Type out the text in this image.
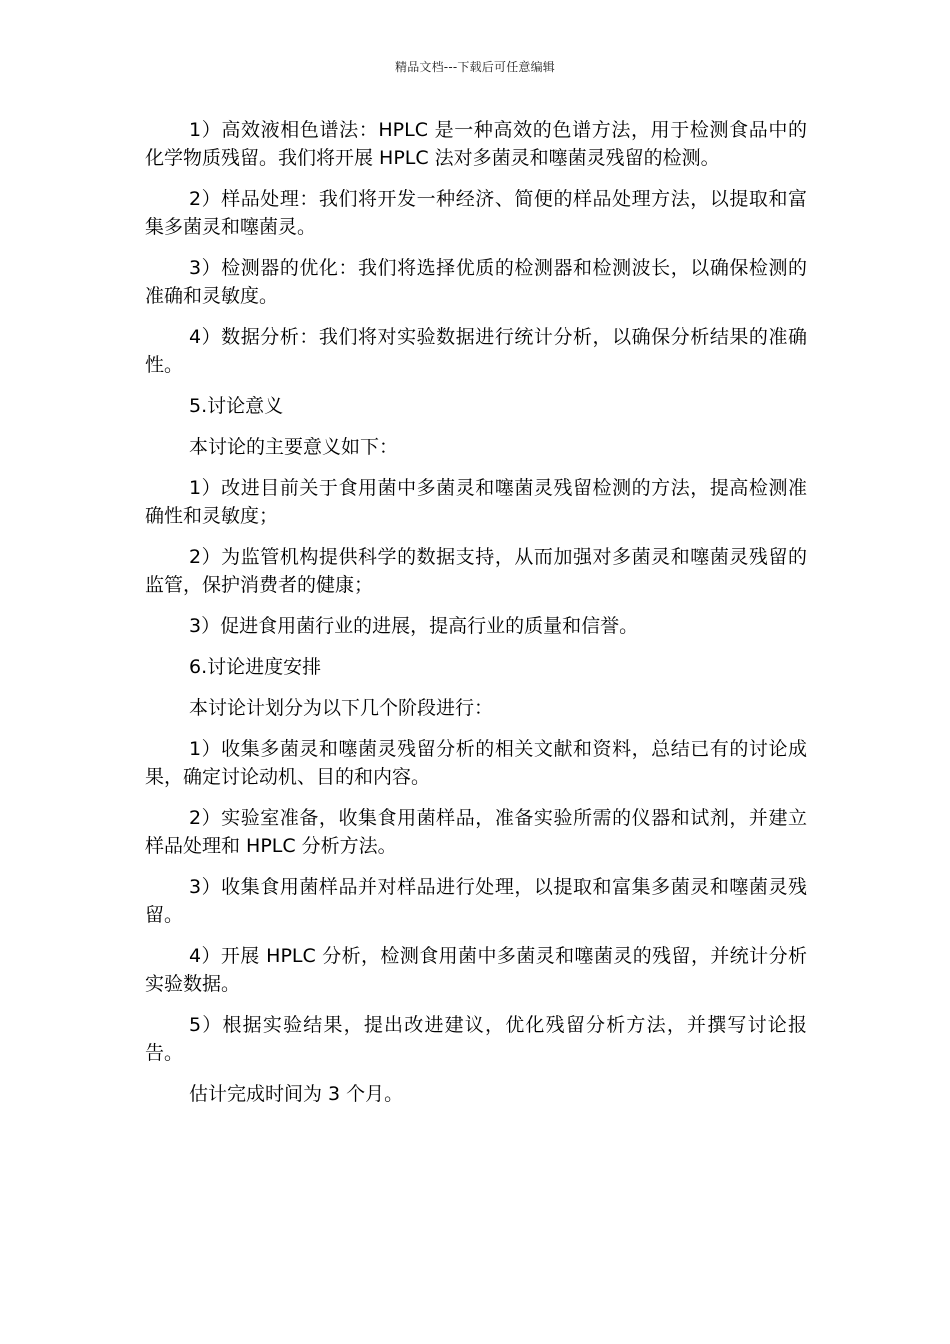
精品文档---下载后可任意编辑

1）高效液相色谱法：HPLC 是一种高效的色谱方法，用于检测食品中的化学物质残留。我们将开展 HPLC 法对多菌灵和噻菌灵残留的检测。

2）样品处理：我们将开发一种经济、简便的样品处理方法，以提取和富集多菌灵和噻菌灵。

3）检测器的优化：我们将选择优质的检测器和检测波长，以确保检测的准确和灵敏度。

4）数据分析：我们将对实验数据进行统计分析，以确保分析结果的准确性。

5.讨论意义

本讨论的主要意义如下：

1）改进目前关于食用菌中多菌灵和噻菌灵残留检测的方法，提高检测准确性和灵敏度；

2）为监管机构提供科学的数据支持，从而加强对多菌灵和噻菌灵残留的监管，保护消费者的健康；

3）促进食用菌行业的进展，提高行业的质量和信誉。

6.讨论进度安排

本讨论计划分为以下几个阶段进行：

1）收集多菌灵和噻菌灵残留分析的相关文献和资料，总结已有的讨论成果，确定讨论动机、目的和内容。

2）实验室准备，收集食用菌样品，准备实验所需的仪器和试剂，并建立样品处理和 HPLC 分析方法。

3）收集食用菌样品并对样品进行处理，以提取和富集多菌灵和噻菌灵残留。

4）开展 HPLC 分析，检测食用菌中多菌灵和噻菌灵的残留，并统计分析实验数据。

5）根据实验结果，提出改进建议，优化残留分析方法，并撰写讨论报告。

估计完成时间为 3 个月。
